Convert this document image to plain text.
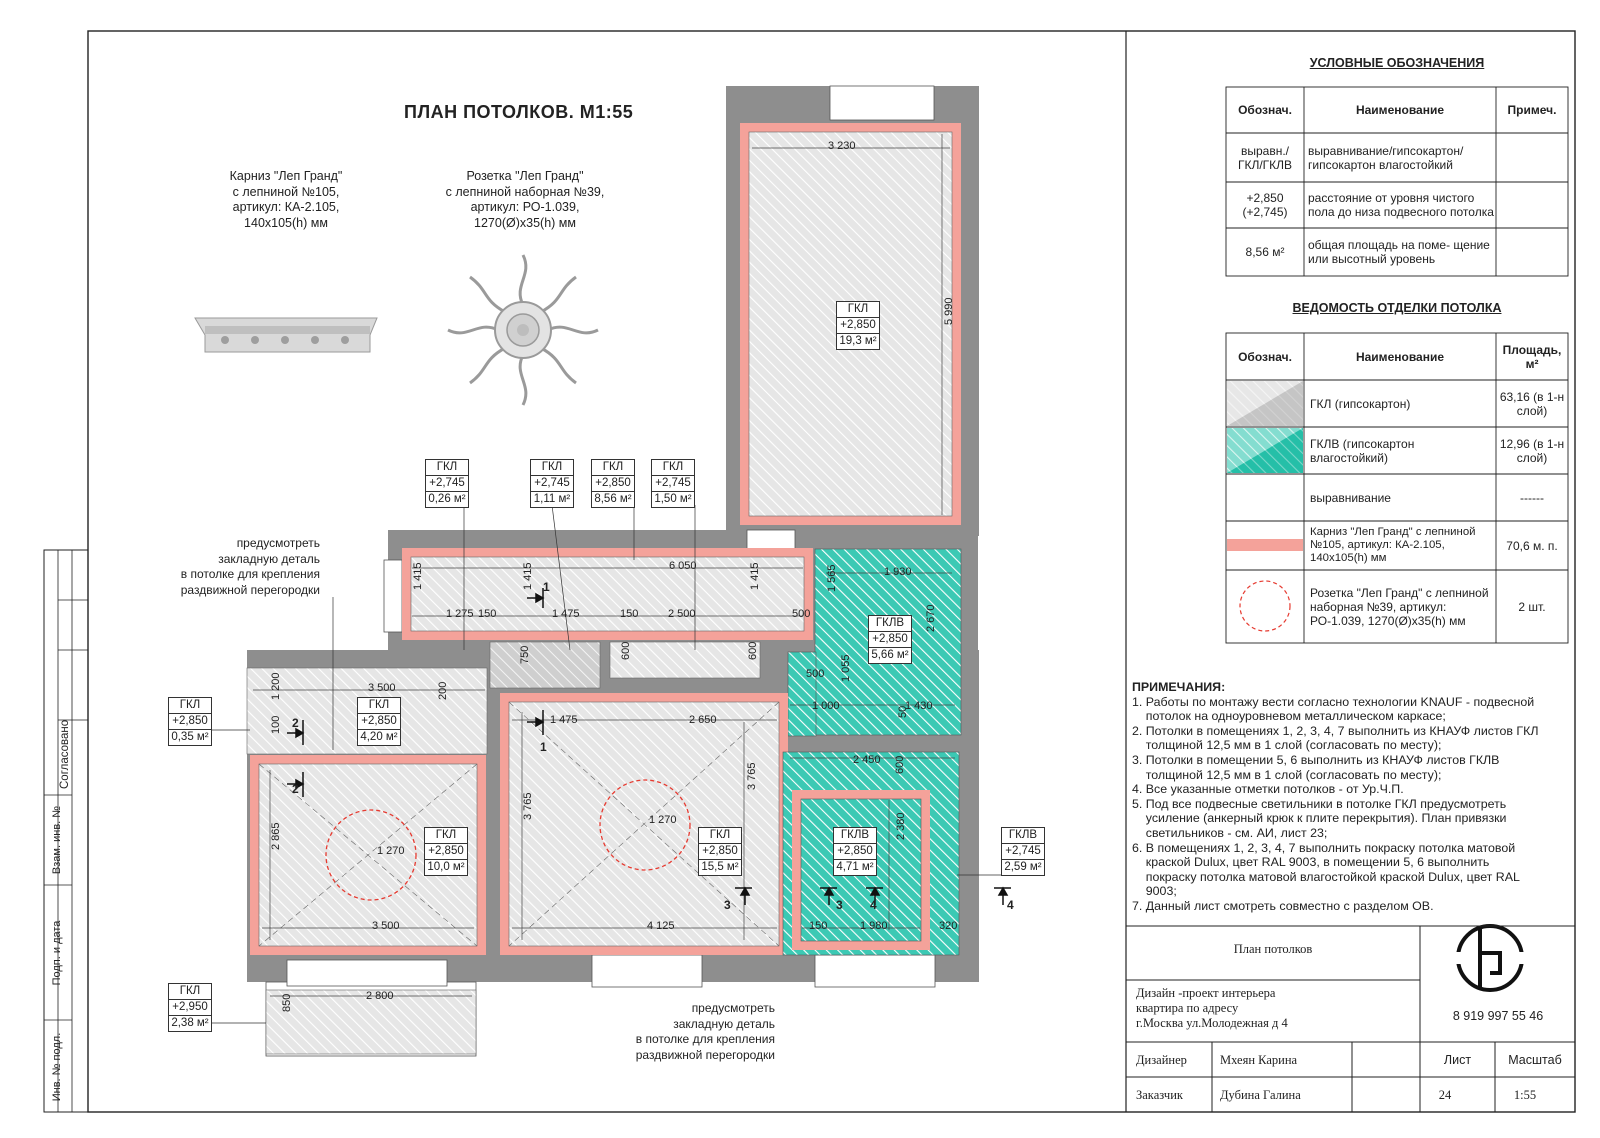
ПЛАН ПОТОЛКОВ. М1:55
Карниз "Леп Гранд"
с лепниной №105,
артикул: КА-2.105,
140х105(h) мм
Розетка "Леп Гранд"
с лепниной наборная №39,
артикул: РО-1.039,
1270(Ø)х35(h) мм
предусмотреть
закладную деталь
в потолке для крепления
раздвижной перегородки
предусмотреть
закладную деталь
в потолке для крепления
раздвижной перегородки
ГКЛ
+2,745
0,26 м²
ГКЛ
+2,745
1,11 м²
ГКЛ
+2,850
8,56 м²
ГКЛ
+2,745
1,50 м²
ГКЛ
+2,850
19,3 м²
ГКЛВ
+2,850
5,66 м²
ГКЛ
+2,850
0,35 м²
ГКЛ
+2,850
4,20 м²
ГКЛ
+2,850
10,0 м²
ГКЛ
+2,850
15,5 м²
ГКЛВ
+2,850
4,71 м²
ГКЛВ
+2,745
2,59 м²
ГКЛ
+2,950
2,38 м²
3 230
5 990
6 050
1 415
1 275 150
1 415
1 475	150	2 500	500
1 415	1 930
1 565
2 670
500 1 055
1 000	1 430
50
750	600	600
3 500
1 200
100
200
1 475	2 650
2 450 600
2 865
1 270
3 765	1 270
3 765
2 380
3 500	4 125	150	1 980	320
2 800
850
1
1
2
2
3	3 4	4
УСЛОВНЫЕ ОБОЗНАЧЕНИЯ
Обознач.	Наименование	Примеч.
выравн./ ГКЛ/ГКЛВ
выравнивание/гипсокартон/ гипсокартон влагостойкий
+2,850 (+2,745)
расстояние от уровня чистого пола до низа подвесного потолка
8,56 м²	общая площадь на поме- щение или высотный уровень
ВЕДОМОСТЬ ОТДЕЛКИ ПОТОЛКА
Обознач.	Наименование	Площадь, м²
ГКЛ (гипсокартон)	63,16 (в 1-н слой)
ГКЛВ (гипсокартон влагостойкий)
12,96 (в 1-н слой)
выравнивание	------
Карниз "Леп Гранд" с лепниной №105, артикул: КА-2.105, 140х105(h) мм
70,6 м. п.
Розетка "Леп Гранд" с лепниной наборная №39, артикул: РО-1.039, 1270(Ø)х35(h) мм
2 шт.
ПРИМЕЧАНИЯ:
1. Работы по монтажу вести согласно технологии KNAUF - подвесной
потолок на одноуровневом металлическом каркасе;
2. Потолки в помещениях 1, 2, 3, 4, 7 выполнить из КНАУФ листов ГКЛ
толщиной 12,5 мм в 1 слой (согласовать по месту);
3. Потолки в помещении 5, 6 выполнить из КНАУФ листов ГКЛВ
толщиной 12,5 мм в 1 слой (согласовать по месту);
4. Все указанные отметки потолков - от Ур.Ч.П.
5. Под все подвесные светильники в потолке ГКЛ предусмотреть
усиление (анкерный крюк к плите перекрытия). План привязки
светильников - см. АИ, лист 23;
6. В помещениях 1, 2, 3, 4, 7 выполнить покраску потолка матовой
краской Dulux, цвет RAL 9003, в помещении 5, 6 выполнить
покраску потолка матовой влагостойкой краской Dulux, цвет RAL
9003;
7. Данный лист смотреть совместно с разделом ОВ.
План потолков
Дизайн -проект интерьера
квартира по адресу
г.Москва ул.Молодежная д 4	8 919 997 55 46
Дизайнер	Мхеян Карина
Заказчик	Дубина Галина
Лист	Масштаб
24	1:55
Согласовано
Взам. инв. №
Подп. и дата
Инв. № подл.
